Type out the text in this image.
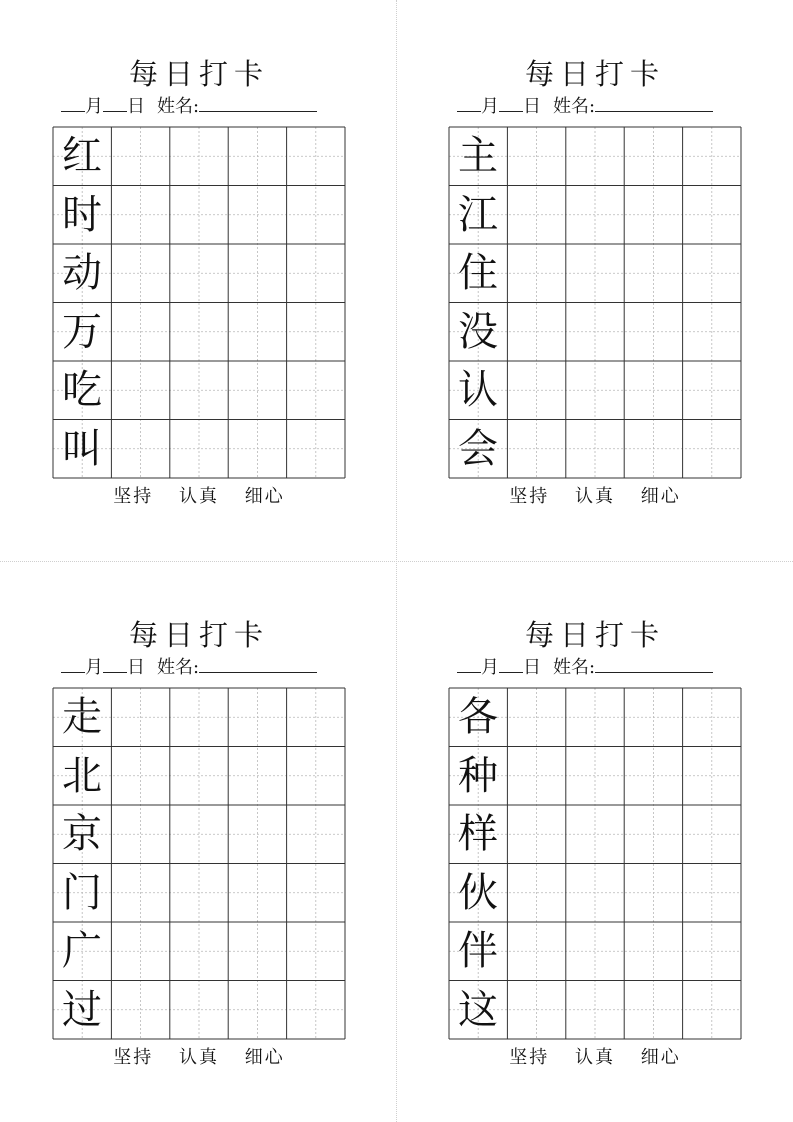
每日打卡
月 日 姓名:
红
时
动
万
吃
叫
坚持 认真 细心
每日打卡
月 日 姓名:
主
江
住
没
认
会
坚持 认真 细心
每日打卡
月 日 姓名:
走
北
京
门
广
过
坚持 认真 细心
每日打卡
月 日 姓名:
各
种
样
伙
伴
这
坚持 认真 细心
